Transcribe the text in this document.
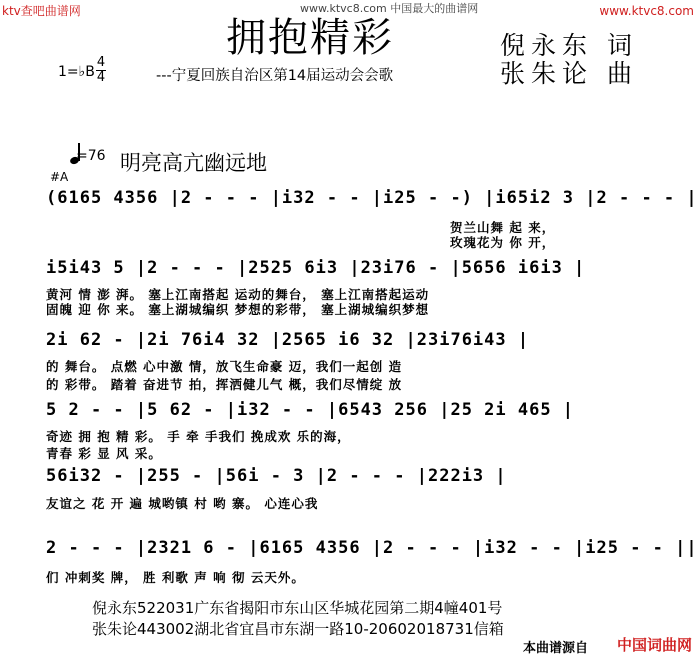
ktv查吧曲谱网	www.ktvc8.com 中国最大的曲谱网	www.ktvc8.com
拥抱精彩	倪永东 词
张朱论 曲
---宁夏回族自治区第14届运动会会歌
1=♭B
4
4
=76 明亮高亢幽远地
#A
(6165 4356 |2 - - - |i32 - - |i25 - -) |i65i2 3 |2 - - - |
贺兰山舞 起 来，
玫瑰花为 你 开，
i5i43 5 |2 - - - |2525 6i3 |23i76 - |5656 i6i3 |
黄河 情 澎 湃。 塞上江南搭起 运动的舞台， 塞上江南搭起运动
固魄 迎 你 来。 塞上湖城编织 梦想的彩带， 塞上湖城编织梦想
2i 62 - |2i 76i4 32 |2565 i6 32 |23i76i43 |
的 舞台。 点燃 心中激 情，放飞生命豪 迈，我们一起创 造
的 彩带。 踏着 奋进节 拍，挥洒健儿气 概，我们尽情绽 放
5 2 - - |5 62 - |i32 - - |6543 256 |25 2i 465 |
奇迹 拥 抱 精 彩。 手 牵 手我们 挽成欢 乐的海，
青春 彩 显 风 采。
56i32 - |255 - |56i - 3 |2 - - - |222i3 |
友谊之 花 开 遍 城哟镇 村 哟 寨。 心连心我
2 - - - |2321 6 - |6165 4356 |2 - - - |i32 - - |i25 - - ||
们 冲刺奖 牌， 胜 利歌 声 响 彻 云天外。
倪永东522031广东省揭阳市东山区华城花园第二期4幢401号
张朱论443002湖北省宜昌市东湖一路10-20602018731信箱
本曲谱源自 中国词曲网
